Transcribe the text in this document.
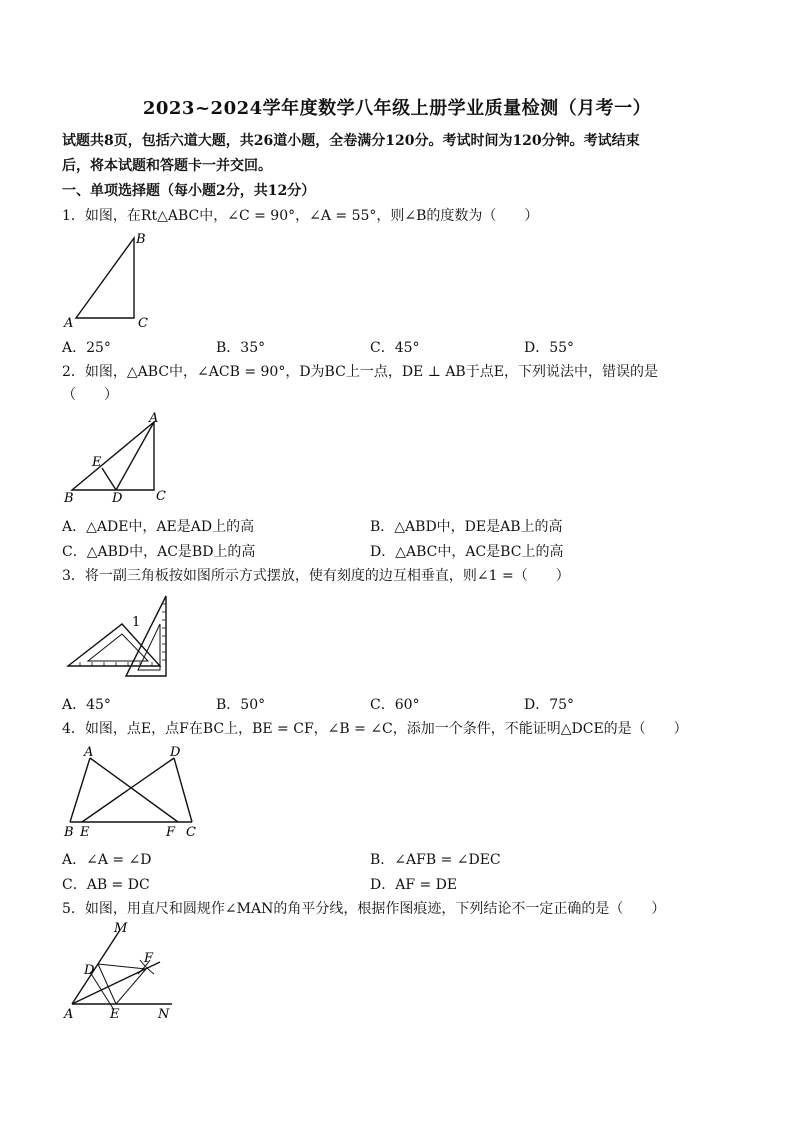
2023~2024学年度数学八年级上册学业质量检测（月考一）
试题共8页，包括六道大题，共26道小题，全卷满分120分。考试时间为120分钟。考试结束
后，将本试题和答题卡一并交回。
一、单项选择题（每小题2分，共12分）
1．如图，在Rt△ABC中，∠C = 90°，∠A = 55°，则∠B的度数为（　　）
B
A	C
A．25°	B．35°	C．45°	D．55°
2．如图，△ABC中，∠ACB = 90°，D为BC上一点，DE ⊥ AB于点E，下列说法中，错误的是
（　　）
A
E
B	D	C
A．△ADE中，AE是AD上的高	B．△ABD中，DE是AB上的高
C．△ABD中，AC是BD上的高	D．△ABC中，AC是BC上的高
3．将一副三角板按如图所示方式摆放，使有刻度的边互相垂直，则∠1 =（　　）
1
A．45°	B．50°	C．60°	D．75°
4．如图，点E，点F在BC上，BE = CF，∠B = ∠C，添加一个条件，不能证明△DCE的是（　　）
A	D
B E	F C
A．∠A = ∠D	B．∠AFB = ∠DEC
C．AB = DC	D．AF = DE
5．如图，用直尺和圆规作∠MAN的角平分线，根据作图痕迹，下列结论不一定正确的是（　　）
M
D
F
A	E	N
